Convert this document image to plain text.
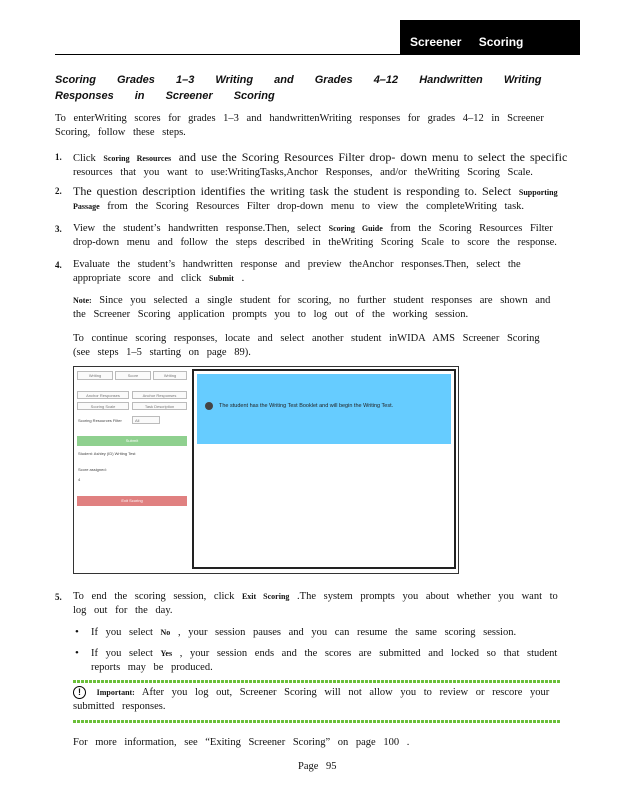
Screener Scoring
Scoring Grades 1–3 Writing and Grades 4–12 Handwritten Writing Responses in Screener Scoring
To enterWriting scores for grades 1–3 and handwrittenWriting responses for grades 4–12 in Screener Scoring, follow these steps.
1. Click Scoring Resources and use the Scoring Resources Filter drop- down menu to select the specific
resources that you want to use:WritingTasks,Anchor Responses, and/or theWriting Scoring Scale.
2. The question description identifies the writing task the student is responding to. Select Supporting Passage from the Scoring Resources Filter drop-down menu to view the completeWriting task.
3. View the student’s handwritten response.Then, select Scoring Guide from the Scoring Resources Filter drop-down menu and follow the steps described in theWriting Scoring Scale to score the response.
4. Evaluate the student’s handwritten response and preview theAnchor responses.Then, select the appropriate score and click Submit .
Note: Since you selected a single student for scoring, no further student responses are shown and the Screener Scoring application prompts you to log out of the working session.
To continue scoring responses, locate and select another student inWIDA AMS Screener Scoring (see steps 1–5 starting on page 89).
Writing	Score	Writing
Anchor Responses	Anchor Responses
Scoring Scale	Task Description
Scoring Resources Filter	All
Submit
Student: Ashley (ID) Writing Test
Score assigned:
4
Exit Scoring
The student has the Writing Test Booklet and will begin the Writing Test.
5. To end the scoring session, click Exit Scoring .The system prompts you about whether you want to log out for the day.
• If you select No , your session pauses and you can resume the same scoring session.
• If you select Yes , your session ends and the scores are submitted and locked so that student reports may be produced.
! Important: After you log out, Screener Scoring will not allow you to review or rescore your submitted responses.
For more information, see “Exiting Screener Scoring” on page 100 .
Page 95
